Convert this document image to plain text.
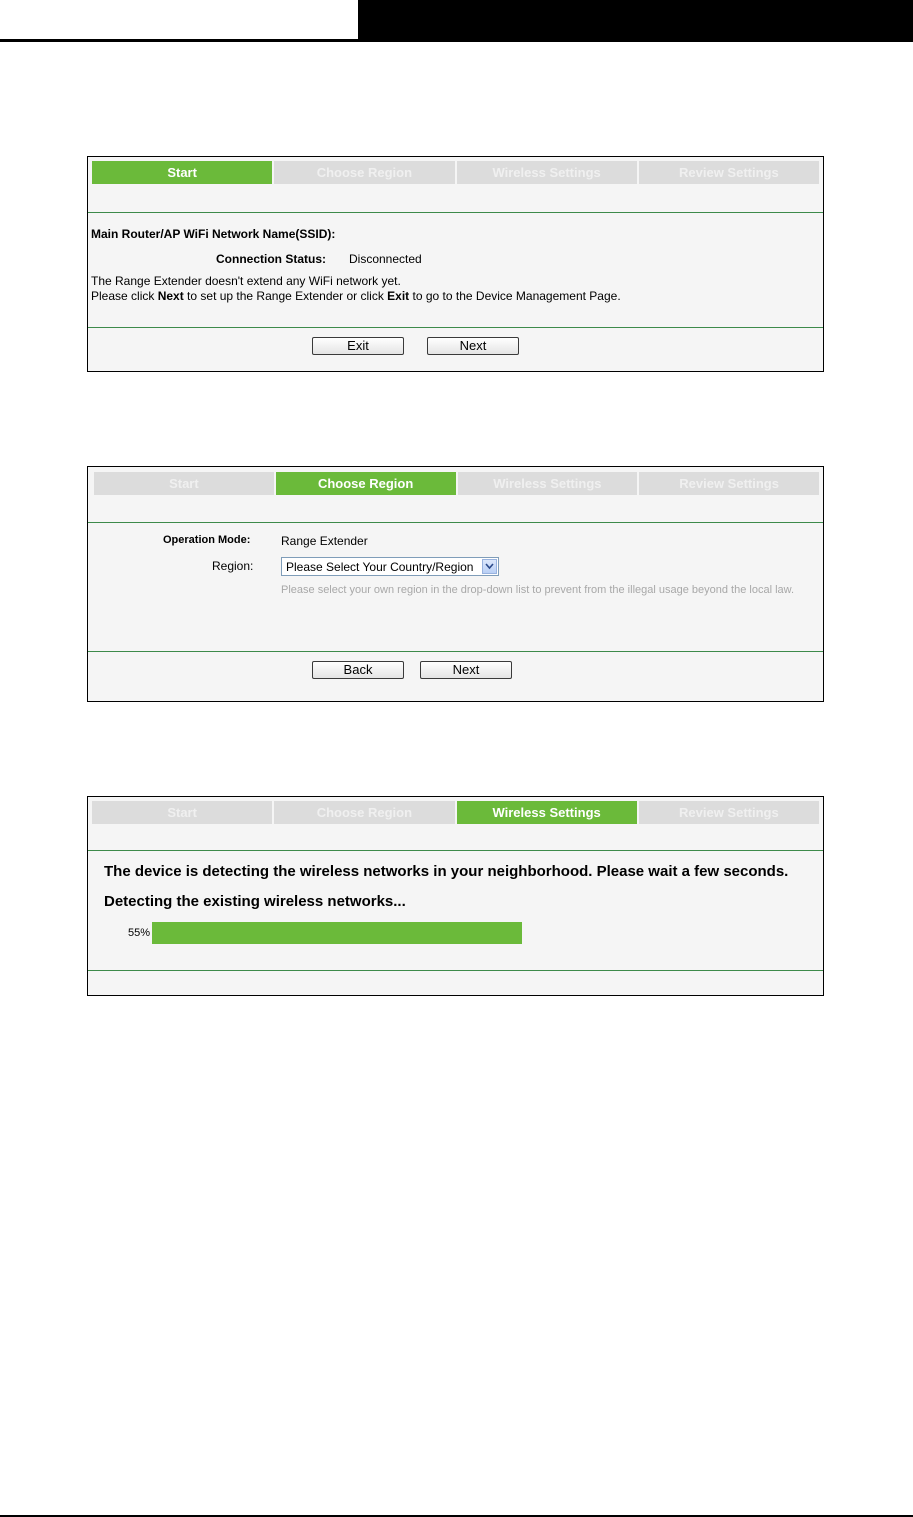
Start	Choose Region	Wireless Settings	Review Settings
Main Router/AP WiFi Network Name(SSID):
Connection Status: Disconnected
The Range Extender doesn't extend any WiFi network yet.
Please click Next to set up the Range Extender or click Exit to go to the Device Management Page.
Exit	Next
Start	Choose Region	Wireless Settings	Review Settings
Operation Mode:	Range Extender
Region:	Please Select Your Country/Region
Please select your own region in the drop-down list to prevent from the illegal usage beyond the local law.
Back	Next
Start	Choose Region	Wireless Settings	Review Settings
The device is detecting the wireless networks in your neighborhood. Please wait a few seconds.
Detecting the existing wireless networks...
55%
